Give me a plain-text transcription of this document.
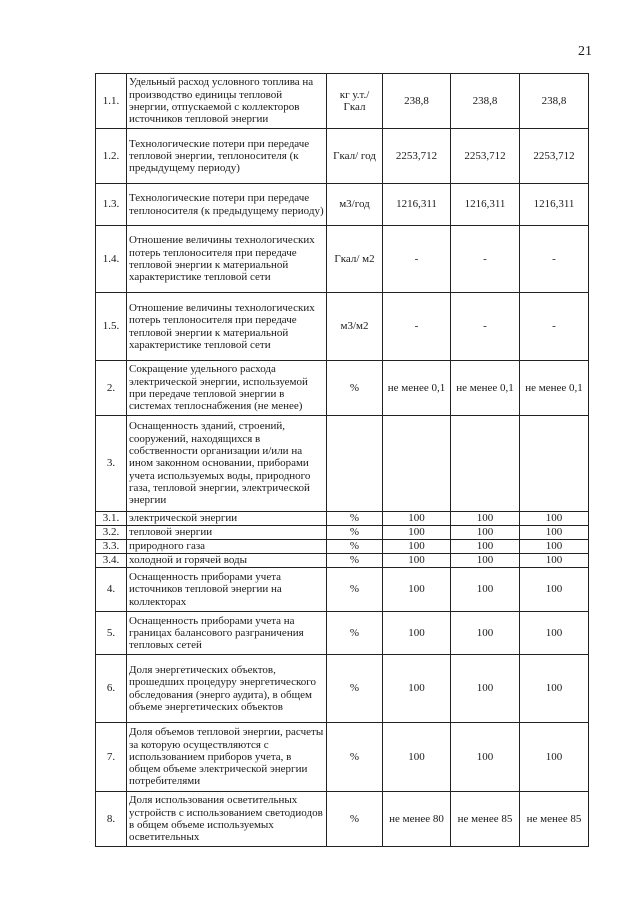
21
1.1.	Удельный расход условного топлива на производство единицы тепловой энергии, отпускаемой с коллекторов источников тепловой энергии	кг у.т./ Гкал	238,8	238,8	238,8
1.2.	Технологические потери при передаче тепловой энергии, теплоносителя (к предыдущему периоду)	Гкал/ год	2253,712	2253,712	2253,712
1.3.	Технологические потери при передаче теплоносителя (к предыдущему периоду)	м3/год	1216,311	1216,311	1216,311
1.4.	Отношение величины технологических потерь теплоносителя при передаче тепловой энергии к материальной характеристике тепловой сети	Гкал/ м2	-	-	-
1.5.	Отношение величины технологических потерь теплоносителя при передаче тепловой энергии к материальной характеристике тепловой сети	м3/м2	-	-	-
2.	Сокращение удельного расхода электрической энергии, используемой при передаче тепловой энергии в системах теплоснабжения (не менее)	%	не менее 0,1	не менее 0,1	не менее 0,1
3.	Оснащенность зданий, строений, сооружений, находящихся в собственности организации и/или на ином законном основании, приборами учета используемых воды, природного газа, тепловой энергии, электрической энергии				
3.1.	электрической энергии	%	100	100	100
3.2.	тепловой энергии	%	100	100	100
3.3.	природного газа	%	100	100	100
3.4.	холодной и горячей воды	%	100	100	100
4.	Оснащенность приборами учета источников тепловой энергии на коллекторах	%	100	100	100
5.	Оснащенность приборами учета на границах балансового разграничения тепловых сетей	%	100	100	100
6.	Доля энергетических объектов, прошедших процедуру энергетического обследования (энерго аудита), в общем объеме энергетических объектов	%	100	100	100
7.	Доля объемов тепловой энергии, расчеты за которую осуществляются с использованием приборов учета, в общем объеме электрической энергии потребителями	%	100	100	100
8.	Доля использования осветительных устройств с использованием светодиодов в общем объеме используемых осветительных	%	не менее 80	не менее 85	не менее 85
